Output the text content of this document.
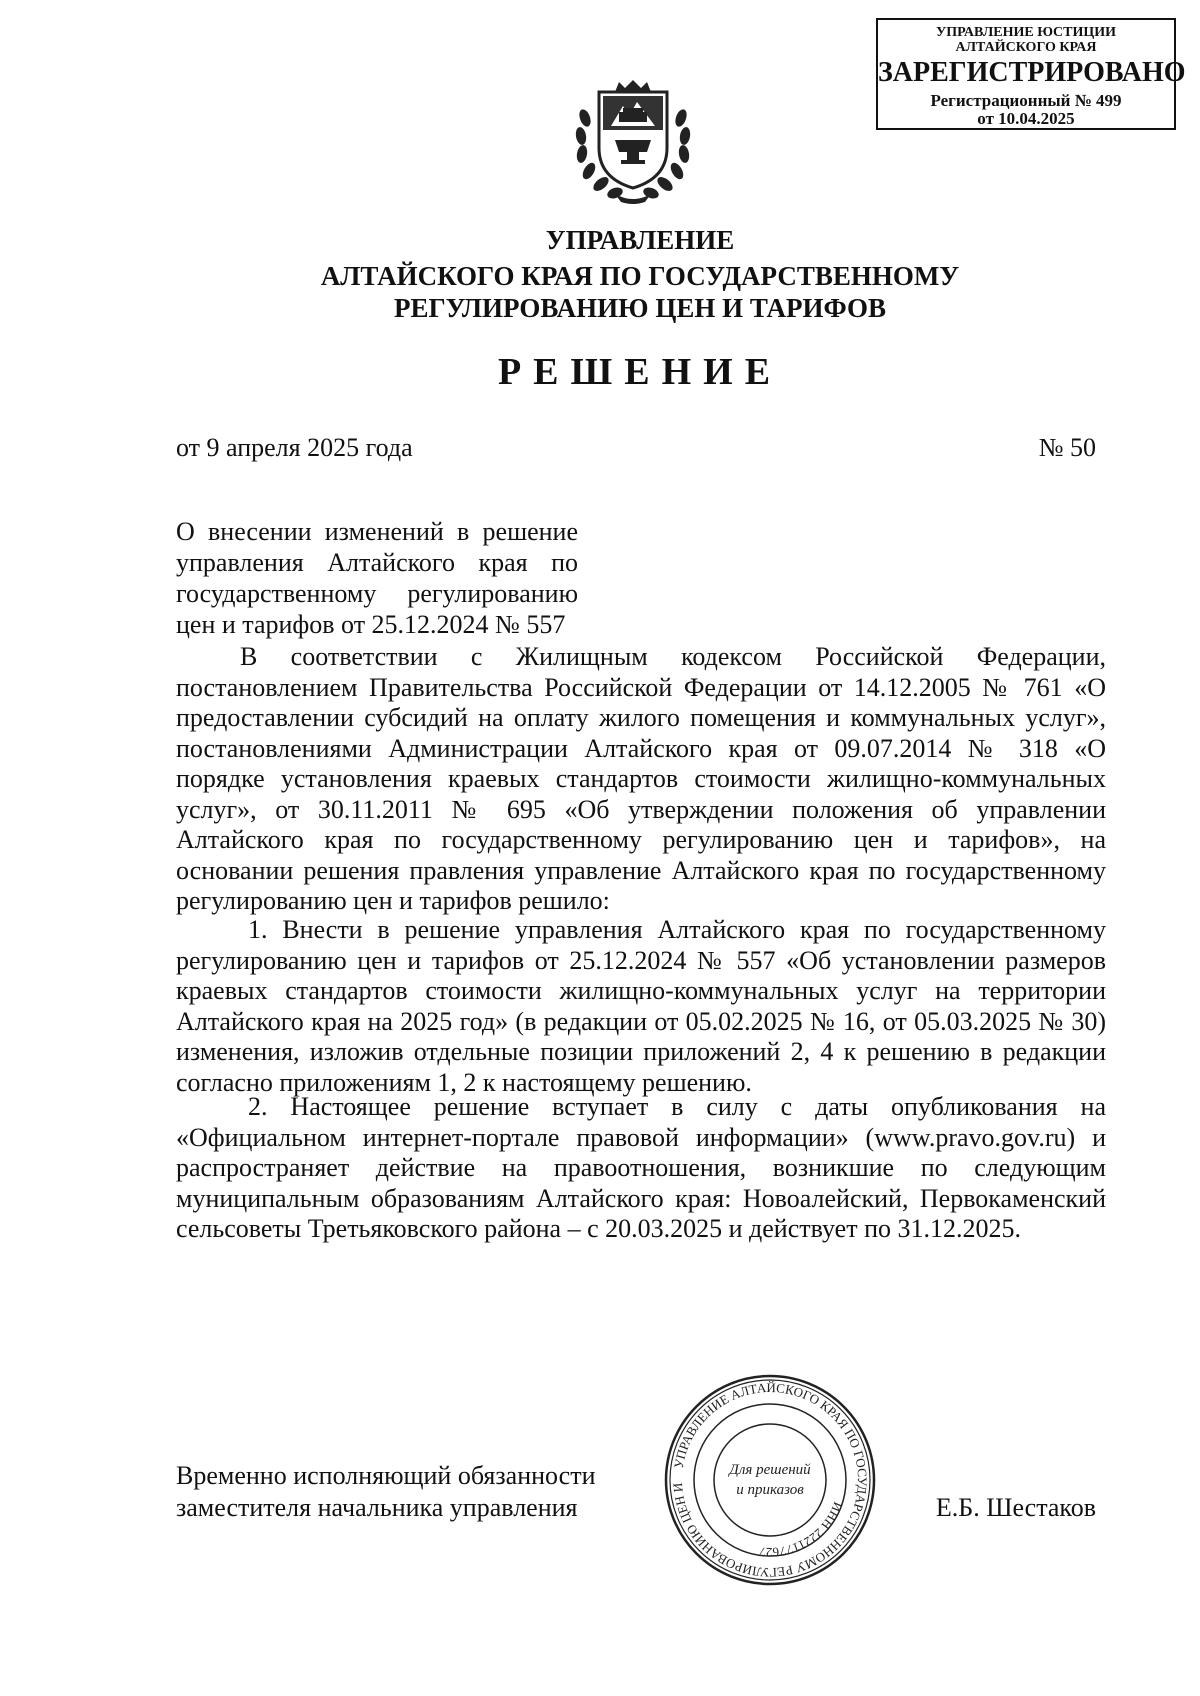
УПРАВЛЕНИЕ ЮСТИЦИИ
АЛТАЙСКОГО КРАЯ
ЗАРЕГИСТРИРОВАНО
Регистрационный № 499
от 10.04.2025
УПРАВЛЕНИЕ
АЛТАЙСКОГО КРАЯ ПО ГОСУДАРСТВЕННОМУ
РЕГУЛИРОВАНИЮ ЦЕН И ТАРИФОВ
РЕШЕНИЕ
от 9 апреля 2025 года	№ 50
О внесении изменений в решение управления Алтайского края по государственному регулированию цен и тарифов от 25.12.2024 № 557
В соответствии с Жилищным кодексом Российской Федерации, постановлением Правительства Российской Федерации от 14.12.2005 № 761 «О предоставлении субсидий на оплату жилого помещения и коммунальных услуг», постановлениями Администрации Алтайского края от 09.07.2014 № 318 «О порядке установления краевых стандартов стоимости жилищно-коммунальных услуг», от 30.11.2011 № 695 «Об утверждении положения об управлении Алтайского края по государственному регулированию цен и тарифов», на основании решения правления управление Алтайского края по государственному регулированию цен и тарифов решило:
1. Внести в решение управления Алтайского края по государственному регулированию цен и тарифов от 25.12.2024 № 557 «Об установлении размеров краевых стандартов стоимости жилищно-коммунальных услуг на территории Алтайского края на 2025 год» (в редакции от 05.02.2025 № 16, от 05.03.2025 № 30) изменения, изложив отдельные позиции приложений 2, 4 к решению в редакции согласно приложениям 1, 2 к настоящему решению.
2. Настоящее решение вступает в силу с даты опубликования на «Официальном интернет-портале правовой информации» (www.pravo.gov.ru) и распространяет действие на правоотношения, возникшие по следующим муниципальным образованиям Алтайского края: Новоалейский, Первокаменский сельсоветы Третьяковского района – с 20.03.2025 и действует по 31.12.2025.
Временно исполняющий обязанности
заместителя начальника управления	Е.Б. Шестаков
УПРАВЛЕНИЕ АЛТАЙСКОГО КРАЯ ПО ГОСУДАРСТВЕННОМУ РЕГУЛИРОВАНИЮ ЦЕН И
ИНН 2221177627
Для решений
и приказов
